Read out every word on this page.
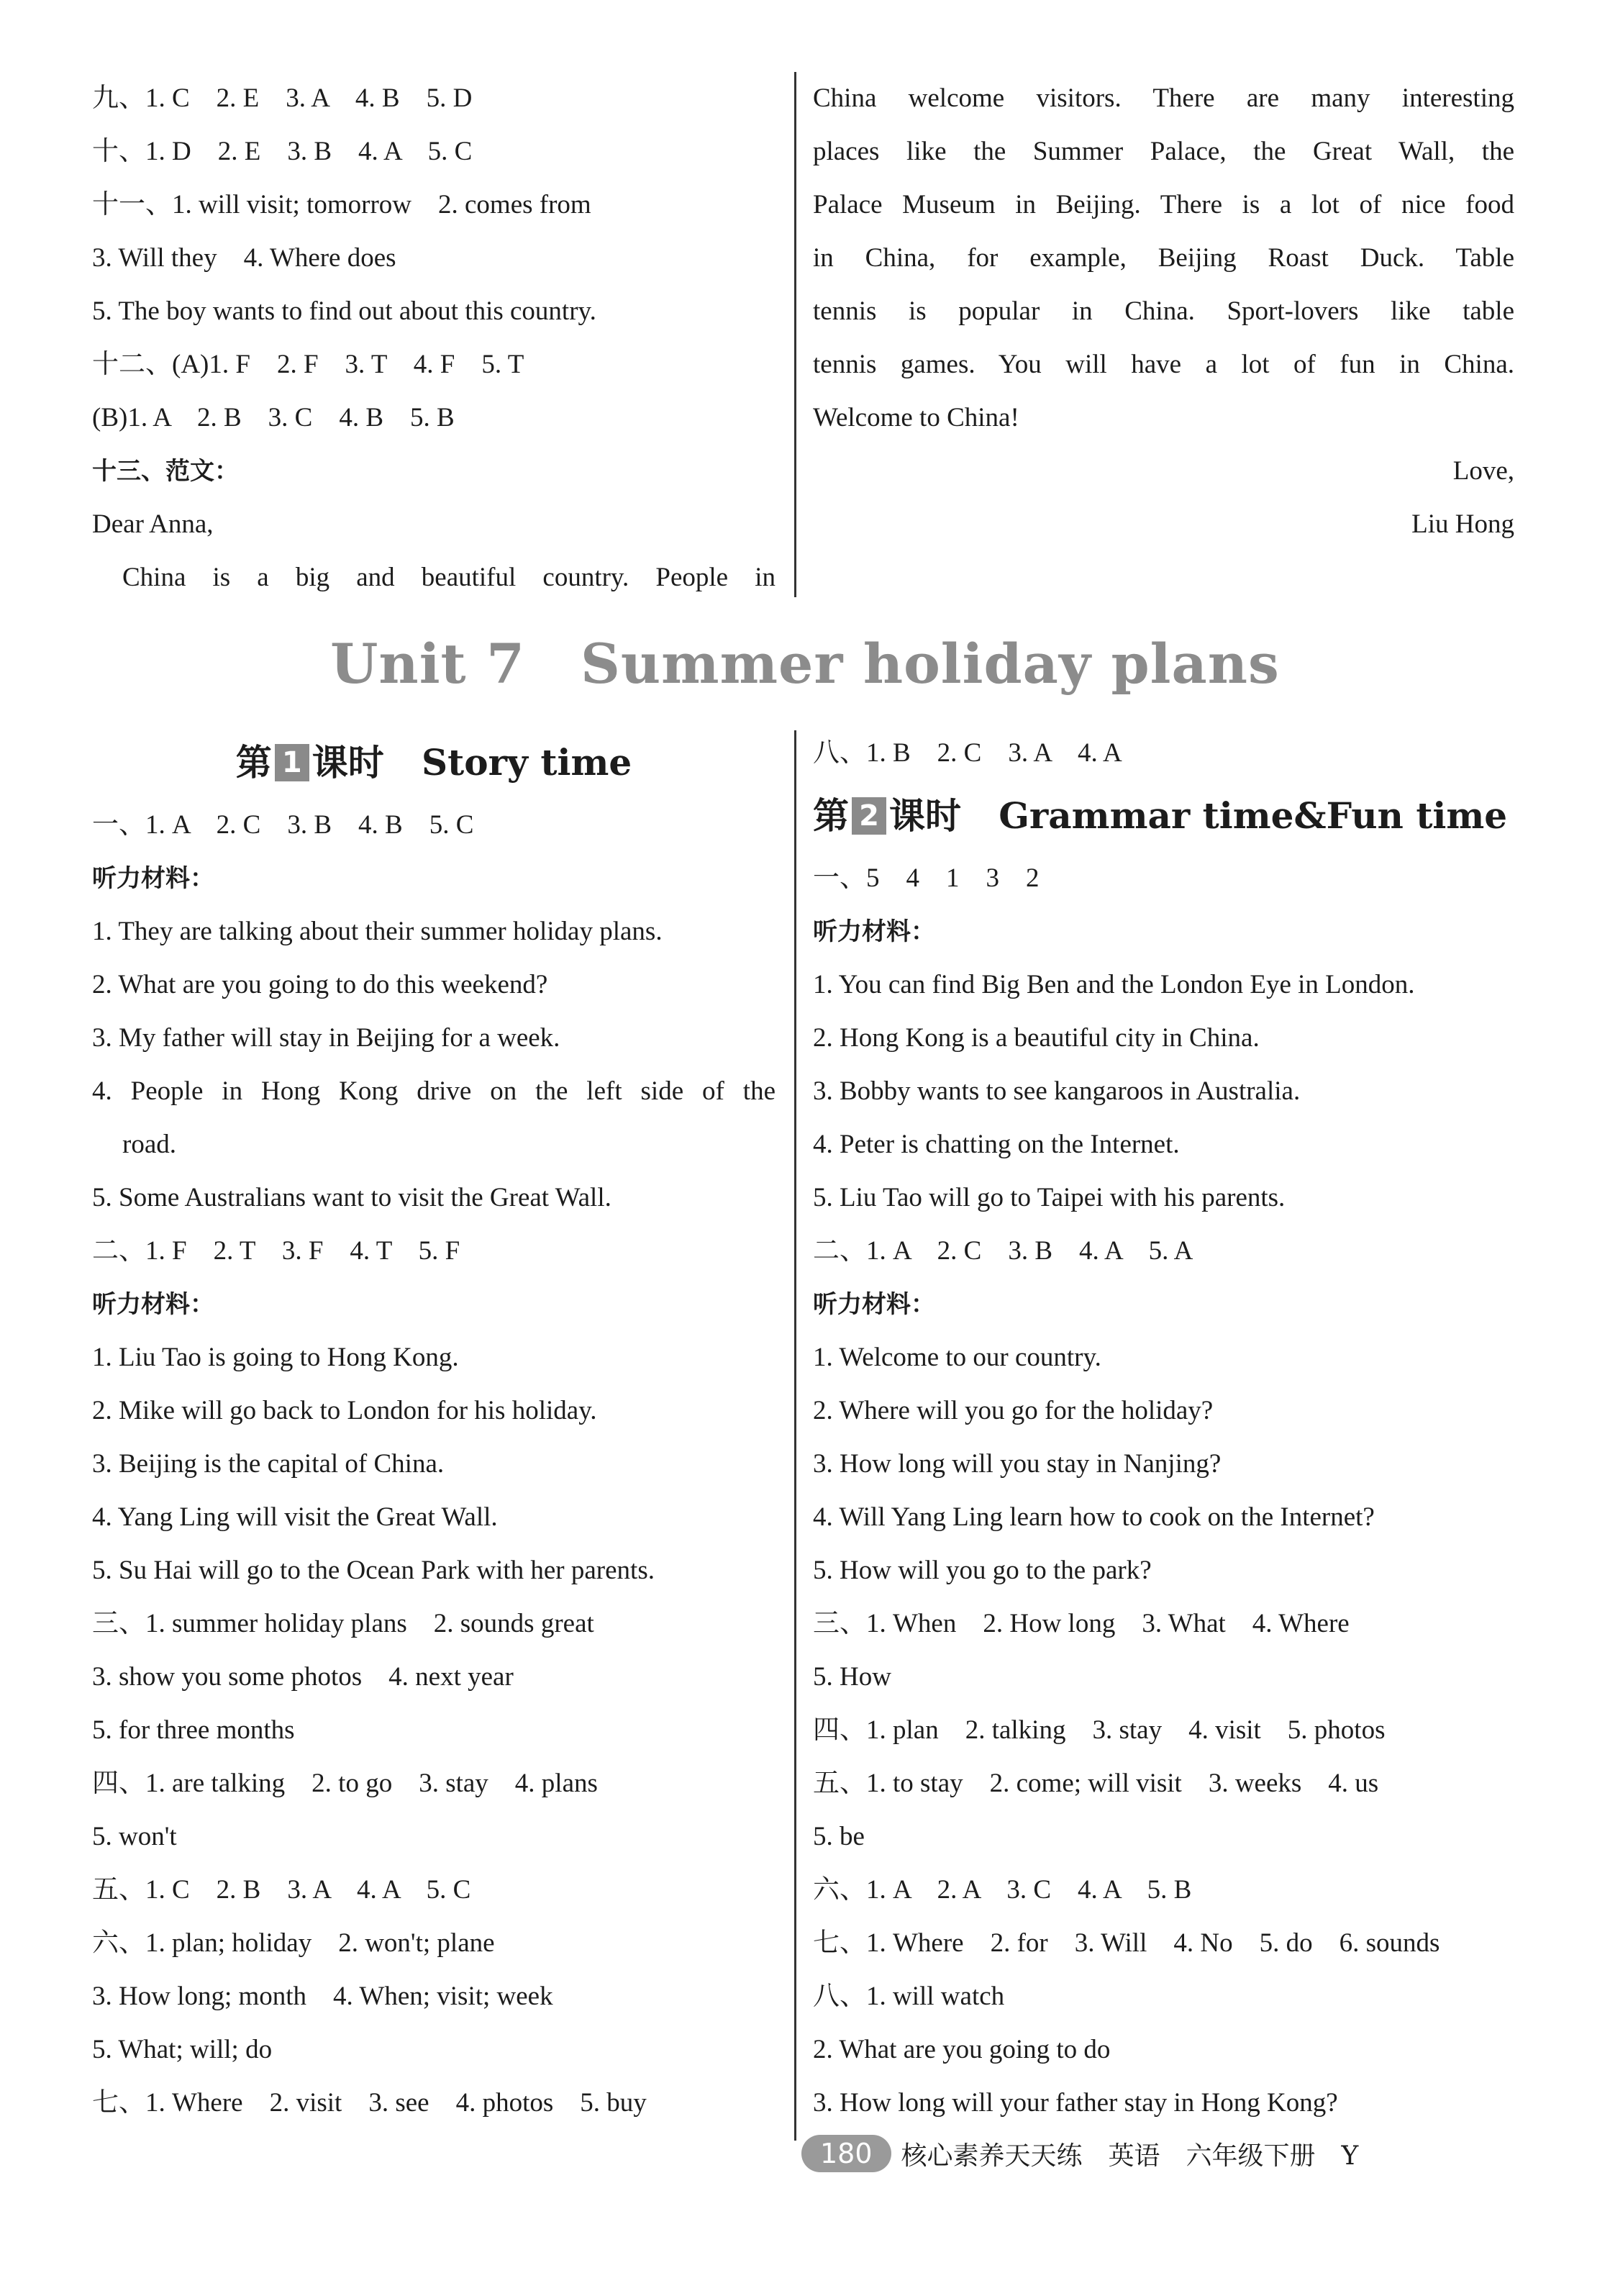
九、1. C　2. E　3. A　4. B　5. D
十、1. D　2. E　3. B　4. A　5. C
十一、1. will visit; tomorrow　2. comes from
3. Will they　4. Where does
5. The boy wants to find out about this country.
十二、(A)1. F　2. F　3. T　4. F　5. T
(B)1. A　2. B　3. C　4. B　5. B
十三、范文：
Dear Anna,
China is a big and beautiful country. People in
China welcome visitors. There are many interesting
places like the Summer Palace, the Great Wall, the
Palace Museum in Beijing. There is a lot of nice food
in China, for example, Beijing Roast Duck. Table
tennis is popular in China. Sport-lovers like table
tennis games. You will have a lot of fun in China.
Welcome to China!
Love,
Liu Hong
Unit 7　Summer holiday plans
第 1 课时 Story time
一、1. A　2. C　3. B　4. B　5. C
听力材料：
1. They are talking about their summer holiday plans.
2. What are you going to do this weekend?
3. My father will stay in Beijing for a week.
4. People in Hong Kong drive on the left side of the
road.
5. Some Australians want to visit the Great Wall.
二、1. F　2. T　3. F　4. T　5. F
听力材料：
1. Liu Tao is going to Hong Kong.
2. Mike will go back to London for his holiday.
3. Beijing is the capital of China.
4. Yang Ling will visit the Great Wall.
5. Su Hai will go to the Ocean Park with her parents.
三、1. summer holiday plans　2. sounds great
3. show you some photos　4. next year
5. for three months
四、1. are talking　2. to go　3. stay　4. plans
5. won't
五、1. C　2. B　3. A　4. A　5. C
六、1. plan; holiday　2. won't; plane
3. How long; month　4. When; visit; week
5. What; will; do
七、1. Where　2. visit　3. see　4. photos　5. buy
八、1. B　2. C　3. A　4. A
第 2 课时 Grammar time&Fun time
一、5　4　1　3　2
听力材料：
1. You can find Big Ben and the London Eye in London.
2. Hong Kong is a beautiful city in China.
3. Bobby wants to see kangaroos in Australia.
4. Peter is chatting on the Internet.
5. Liu Tao will go to Taipei with his parents.
二、1. A　2. C　3. B　4. A　5. A
听力材料：
1. Welcome to our country.
2. Where will you go for the holiday?
3. How long will you stay in Nanjing?
4. Will Yang Ling learn how to cook on the Internet?
5. How will you go to the park?
三、1. When　2. How long　3. What　4. Where
5. How
四、1. plan　2. talking　3. stay　4. visit　5. photos
五、1. to stay　2. come; will visit　3. weeks　4. us
5. be
六、1. A　2. A　3. C　4. A　5. B
七、1. Where　2. for　3. Will　4. No　5. do　6. sounds
八、1. will watch
2. What are you going to do
3. How long will your father stay in Hong Kong?
180	核心素养天天练　英语　六年级下册　Y
